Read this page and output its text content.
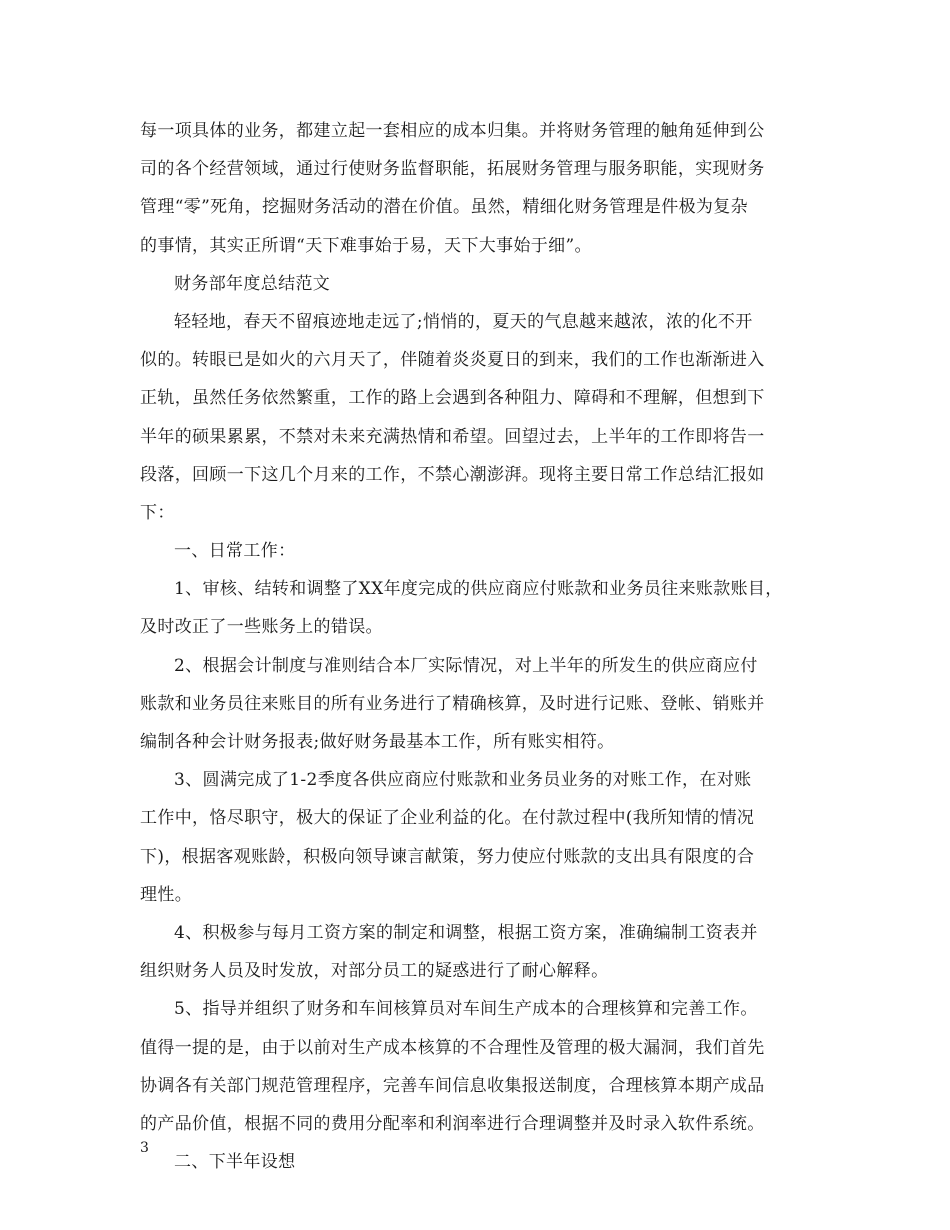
每一项具体的业务，都建立起一套相应的成本归集。并将财务管理的触角延伸到公
司的各个经营领域，通过行使财务监督职能，拓展财务管理与服务职能，实现财务
管理“零”死角，挖掘财务活动的潜在价值。虽然，精细化财务管理是件极为复杂
的事情，其实正所谓“天下难事始于易，天下大事始于细”。
财务部年度总结范文
轻轻地，春天不留痕迹地走远了;悄悄的，夏天的气息越来越浓，浓的化不开
似的。转眼已是如火的六月天了，伴随着炎炎夏日的到来，我们的工作也渐渐进入
正轨，虽然任务依然繁重，工作的路上会遇到各种阻力、障碍和不理解，但想到下
半年的硕果累累，不禁对未来充满热情和希望。回望过去，上半年的工作即将告一
段落，回顾一下这几个月来的工作，不禁心潮澎湃。现将主要日常工作总结汇报如
下：
一、日常工作：
1、审核、结转和调整了XX年度完成的供应商应付账款和业务员往来账款账目，
及时改正了一些账务上的错误。
2、根据会计制度与准则结合本厂实际情况，对上半年的所发生的供应商应付
账款和业务员往来账目的所有业务进行了精确核算，及时进行记账、登帐、销账并
编制各种会计财务报表;做好财务最基本工作，所有账实相符。
3、圆满完成了1-2季度各供应商应付账款和业务员业务的对账工作，在对账
工作中，恪尽职守，极大的保证了企业利益的化。在付款过程中(我所知情的情况
下)，根据客观账龄，积极向领导谏言献策，努力使应付账款的支出具有限度的合
理性。
4、积极参与每月工资方案的制定和调整，根据工资方案，准确编制工资表并
组织财务人员及时发放，对部分员工的疑惑进行了耐心解释。
5、指导并组织了财务和车间核算员对车间生产成本的合理核算和完善工作。
值得一提的是，由于以前对生产成本核算的不合理性及管理的极大漏洞，我们首先
协调各有关部门规范管理程序，完善车间信息收集报送制度，合理核算本期产成品
的产品价值，根据不同的费用分配率和利润率进行合理调整并及时录入软件系统。
二、下半年设想
3
